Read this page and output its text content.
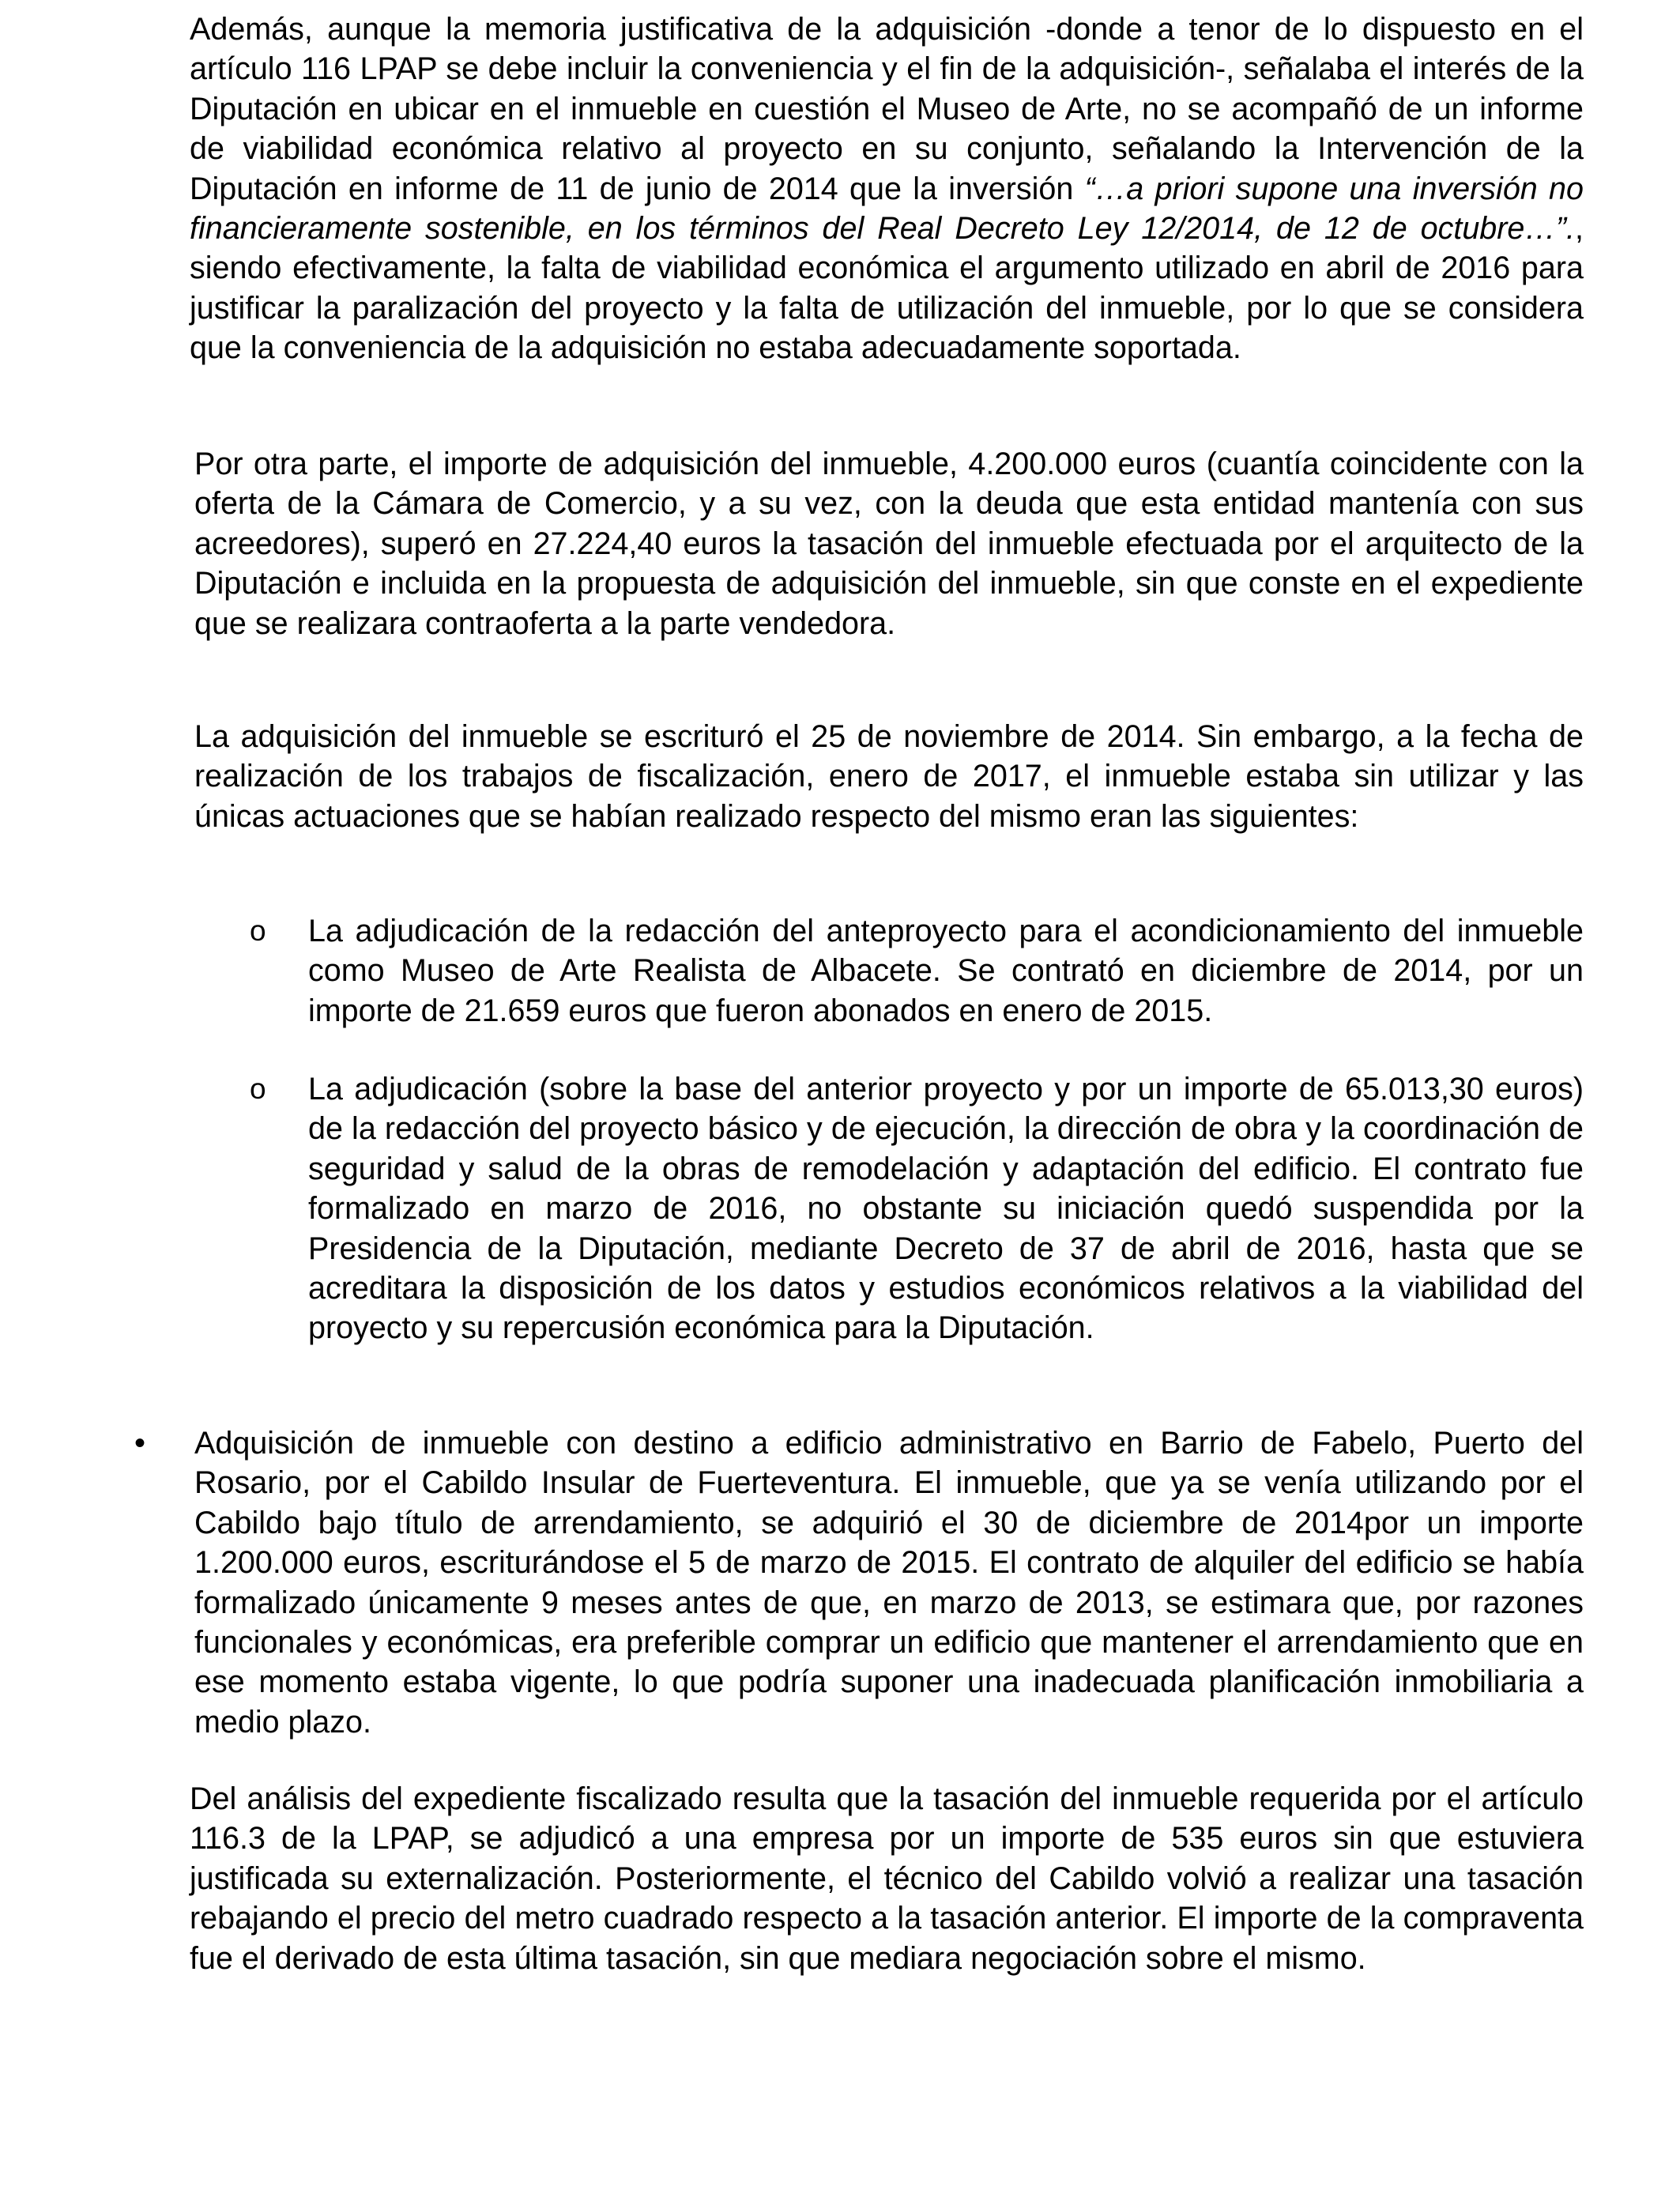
Además, aunque la memoria justificativa de la adquisición -donde a tenor de lo dispuesto en el artículo 116 LPAP se debe incluir la conveniencia y el fin de la adquisición-, señalaba el interés de la Diputación en ubicar en el inmueble en cuestión el Museo de Arte, no se acompañó de un informe de viabilidad económica relativo al proyecto en su conjunto, señalando la Intervención de la Diputación en informe de 11 de junio de 2014 que la inversión “…a priori supone una inversión no financieramente sostenible, en los términos del Real Decreto Ley 12/2014, de 12 de octubre…”., siendo efectivamente, la falta de viabilidad económica el argumento utilizado en abril de 2016 para justificar la paralización del proyecto y la falta de utilización del inmueble, por lo que se considera que la conveniencia de la adquisición no estaba adecuadamente soportada.

Por otra parte, el importe de adquisición del inmueble, 4.200.000 euros (cuantía coincidente con la oferta de la Cámara de Comercio, y a su vez, con la deuda que esta entidad mantenía con sus acreedores), superó en 27.224,40 euros la tasación del inmueble efectuada por el arquitecto de la Diputación e incluida en la propuesta de adquisición del inmueble, sin que conste en el expediente que se realizara contraoferta a la parte vendedora.

La adquisición del inmueble se escrituró el 25 de noviembre de 2014. Sin embargo, a la fecha de realización de los trabajos de fiscalización, enero de 2017, el inmueble estaba sin utilizar y las únicas actuaciones que se habían realizado respecto del mismo eran las siguientes:

o La adjudicación de la redacción del anteproyecto para el acondicionamiento del inmueble como Museo de Arte Realista de Albacete. Se contrató en diciembre de 2014, por un importe de 21.659 euros que fueron abonados en enero de 2015.

o La adjudicación (sobre la base del anterior proyecto y por un importe de 65.013,30 euros) de la redacción del proyecto básico y de ejecución, la dirección de obra y la coordinación de seguridad y salud de la obras de remodelación y adaptación del edificio. El contrato fue formalizado en marzo de 2016, no obstante su iniciación quedó suspendida por la Presidencia de la Diputación, mediante Decreto de 37 de abril de 2016, hasta que se acreditara la disposición de los datos y estudios económicos relativos a la viabilidad del proyecto y su repercusión económica para la Diputación.

• Adquisición de inmueble con destino a edificio administrativo en Barrio de Fabelo, Puerto del Rosario, por el Cabildo Insular de Fuerteventura. El inmueble, que ya se venía utilizando por el Cabildo bajo título de arrendamiento, se adquirió el 30 de diciembre de 2014por un importe 1.200.000 euros, escriturándose el 5 de marzo de 2015. El contrato de alquiler del edificio se había formalizado únicamente 9 meses antes de que, en marzo de 2013, se estimara que, por razones funcionales y económicas, era preferible comprar un edificio que mantener el arrendamiento que en ese momento estaba vigente, lo que podría suponer una inadecuada planificación inmobiliaria a medio plazo.

Del análisis del expediente fiscalizado resulta que la tasación del inmueble requerida por el artículo 116.3 de la LPAP, se adjudicó a una empresa por un importe de 535 euros sin que estuviera justificada su externalización. Posteriormente, el técnico del Cabildo volvió a realizar una tasación rebajando el precio del metro cuadrado respecto a la tasación anterior. El importe de la compraventa fue el derivado de esta última tasación, sin que mediara negociación sobre el mismo.
